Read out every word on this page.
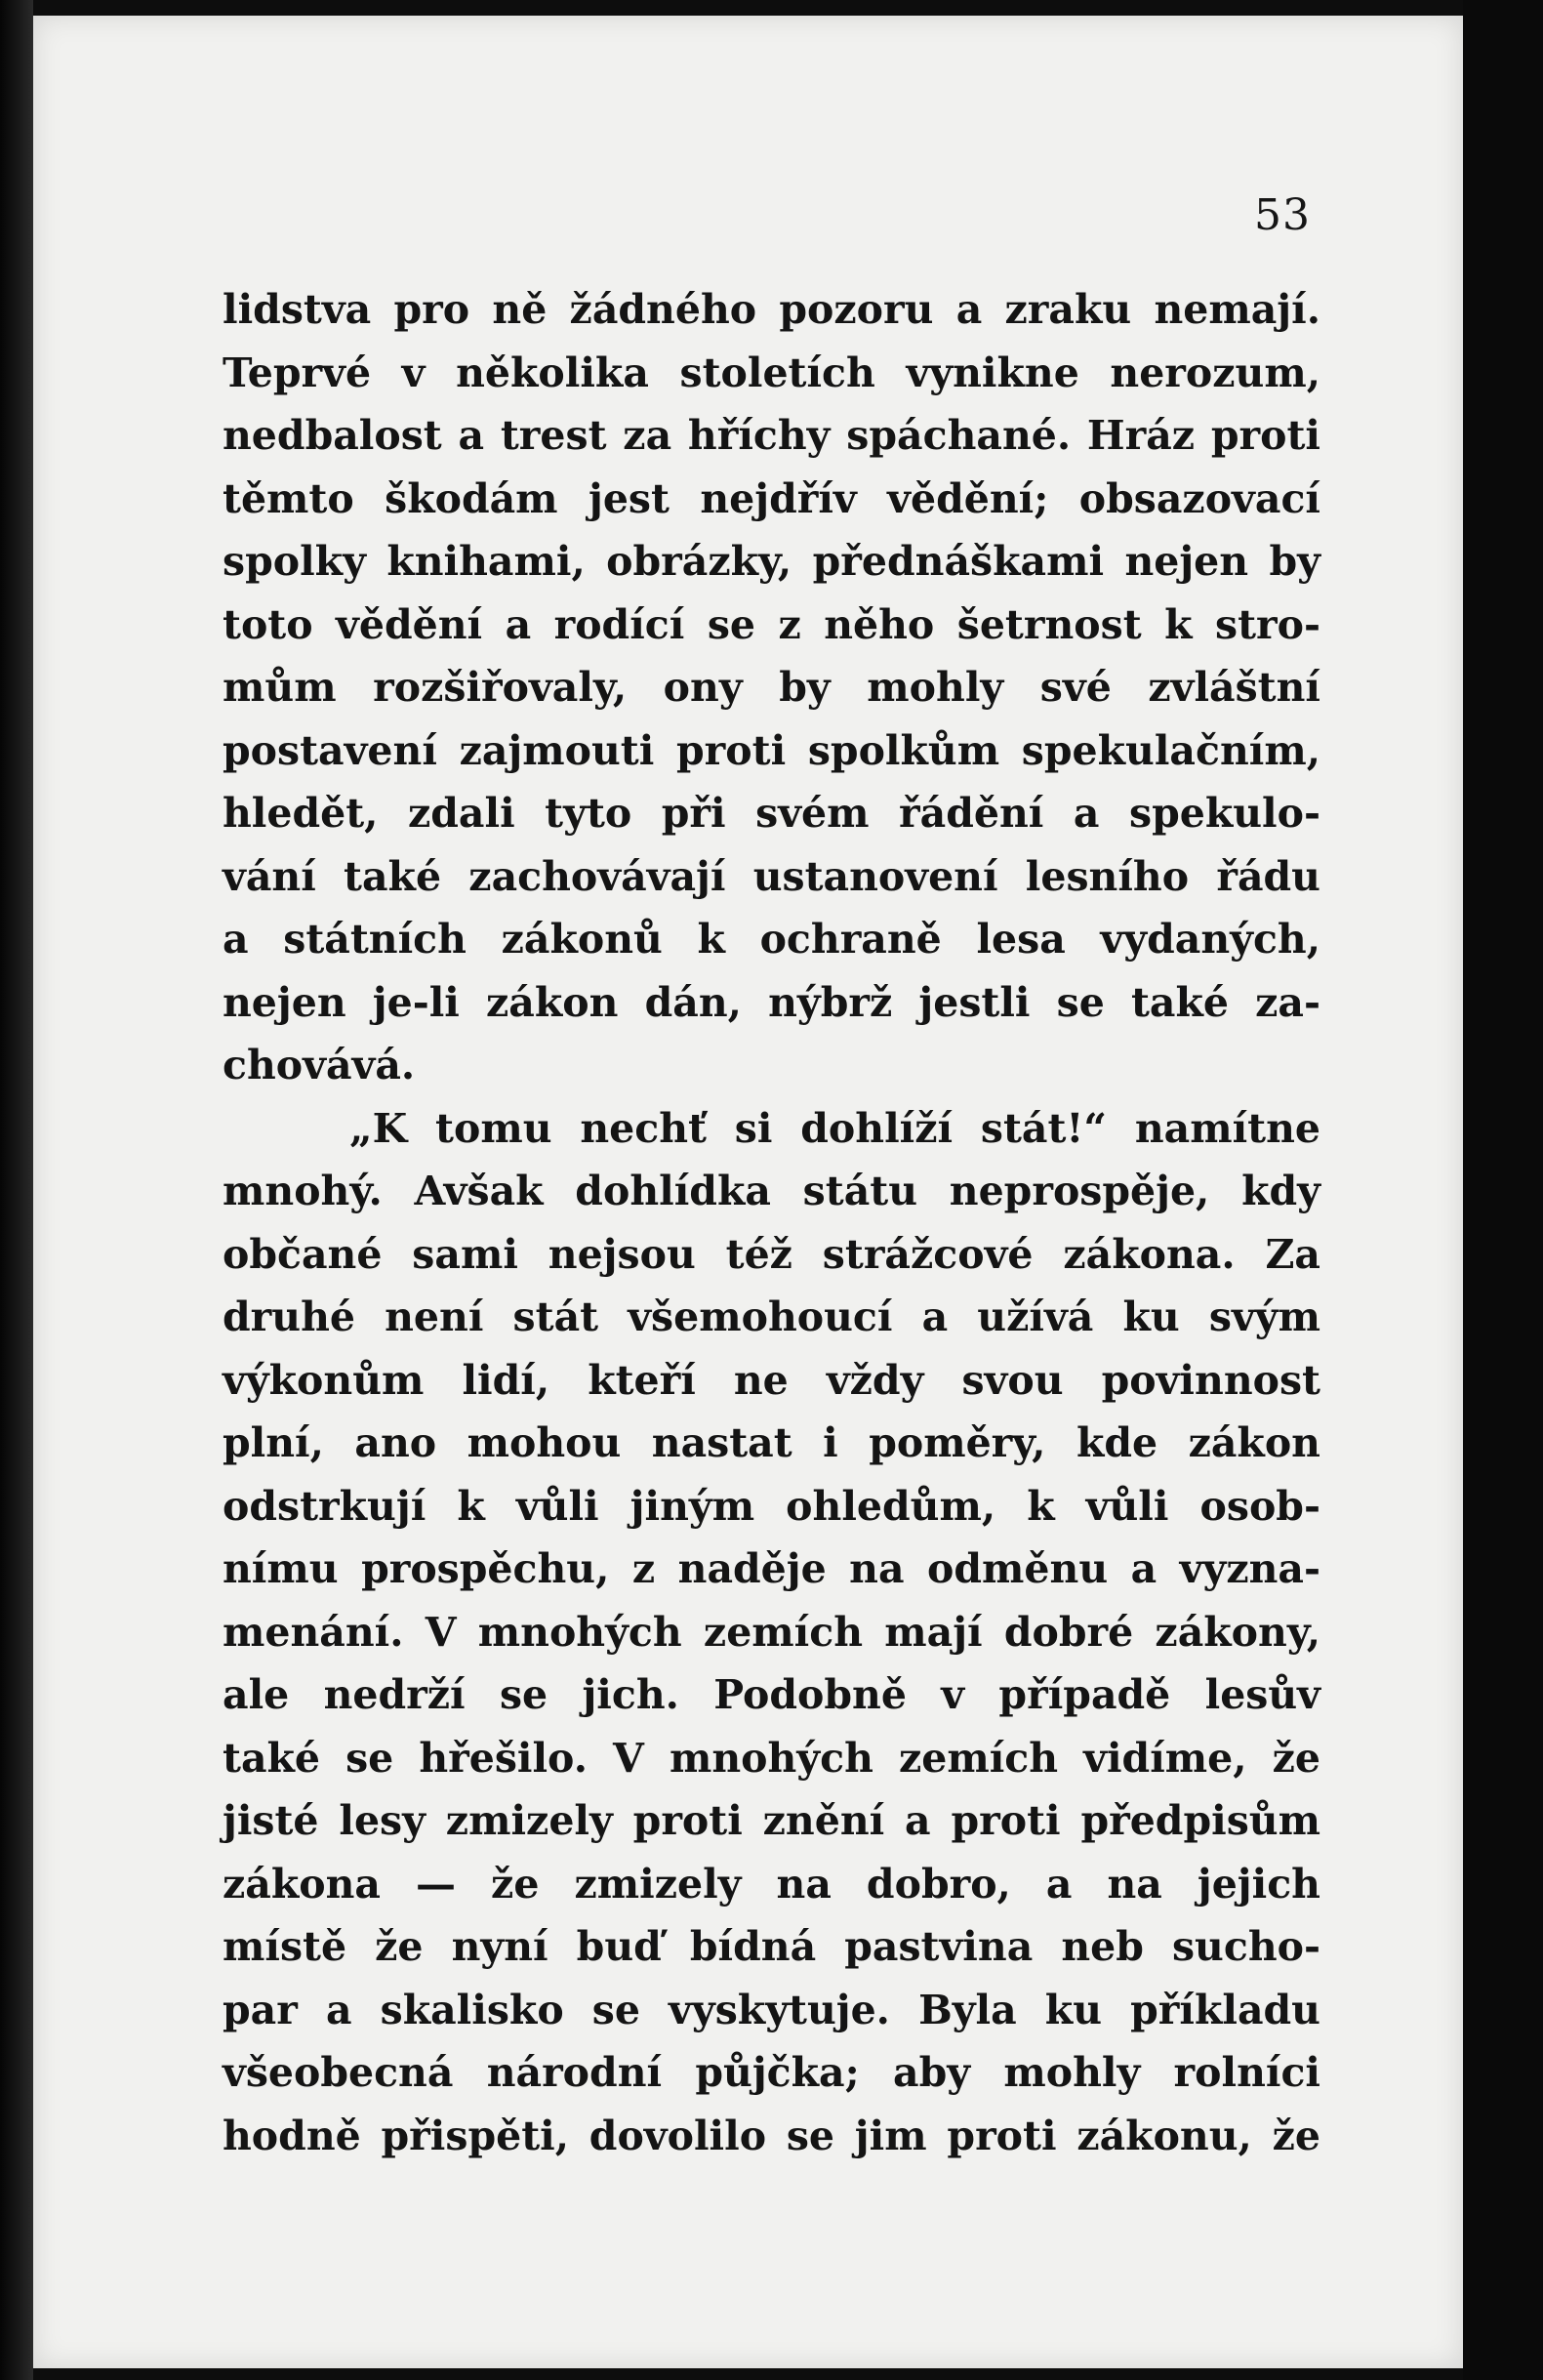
53
lidstva pro ně žádného pozoru a zraku nemají.
Teprvé v několika stoletích vynikne nerozum,
nedbalost a trest za hříchy spáchané. Hráz proti
těmto škodám jest nejdřív vědění; obsazovací
spolky knihami, obrázky, přednáškami nejen by
toto vědění a rodící se z něho šetrnost k stro-
mům rozšiřovaly, ony by mohly své zvláštní
postavení zajmouti proti spolkům spekulačním,
hledět, zdali tyto při svém řádění a spekulo-
vání také zachovávají ustanovení lesního řádu
a státních zákonů k ochraně lesa vydaných,
nejen je-li zákon dán, nýbrž jestli se také za-
chovává.
„K tomu nechť si dohlíží stát!“ namítne
mnohý. Avšak dohlídka státu neprospěje, kdy
občané sami nejsou též strážcové zákona. Za
druhé není stát všemohoucí a užívá ku svým
výkonům lidí, kteří ne vždy svou povinnost
plní, ano mohou nastat i poměry, kde zákon
odstrkují k vůli jiným ohledům, k vůli osob-
nímu prospěchu, z naděje na odměnu a vyzna-
menání. V mnohých zemích mají dobré zákony,
ale nedrží se jich. Podobně v případě lesův
také se hřešilo. V mnohých zemích vidíme, že
jisté lesy zmizely proti znění a proti předpisům
zákona — že zmizely na dobro, a na jejich
místě že nyní buď bídná pastvina neb sucho-
par a skalisko se vyskytuje. Byla ku příkladu
všeobecná národní půjčka; aby mohly rolníci
hodně přispěti, dovolilo se jim proti zákonu, že
